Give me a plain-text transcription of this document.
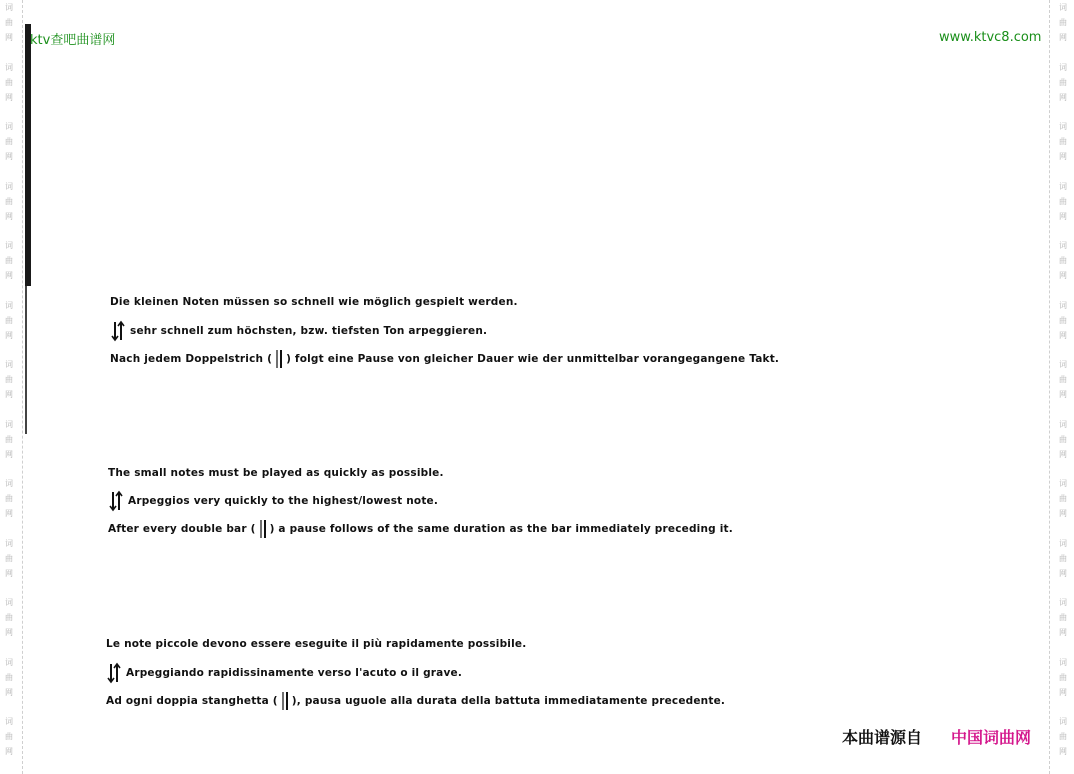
词
曲
网
词
曲
网
词
曲
网
词
曲
网
词
曲
网
词
曲
网
词
曲
网
词
曲
网
词
曲
网
词
曲
网
词
曲
网
词
曲
网
词
曲
网
词
曲
网
词
曲
网
词
曲
网
词
曲
网
词
曲
网
词
曲
网
词
曲
网
词
曲
网
词
曲
网
词
曲
网
词
曲
网
词
曲
网
词
曲
网
ktv查吧曲谱网	www.ktvc8.com
Die kleinen Noten müssen so schnell wie möglich gespielt werden.
sehr schnell zum höchsten, bzw. tiefsten Ton arpeggieren.
Nach jedem Doppelstrich ( ) folgt eine Pause von gleicher Dauer wie der unmittelbar vorangegangene Takt.
The small notes must be played as quickly as possible.
Arpeggios very quickly to the highest/lowest note.
After every double bar ( ) a pause follows of the same duration as the bar immediately preceding it.
Le note piccole devono essere eseguite il più rapidamente possibile.
Arpeggiando rapidissinamente verso l'acuto o il grave.
Ad ogni doppia stanghetta ( ), pausa uguole alla durata della battuta immediatamente precedente.
本曲谱源自 中国词曲网
